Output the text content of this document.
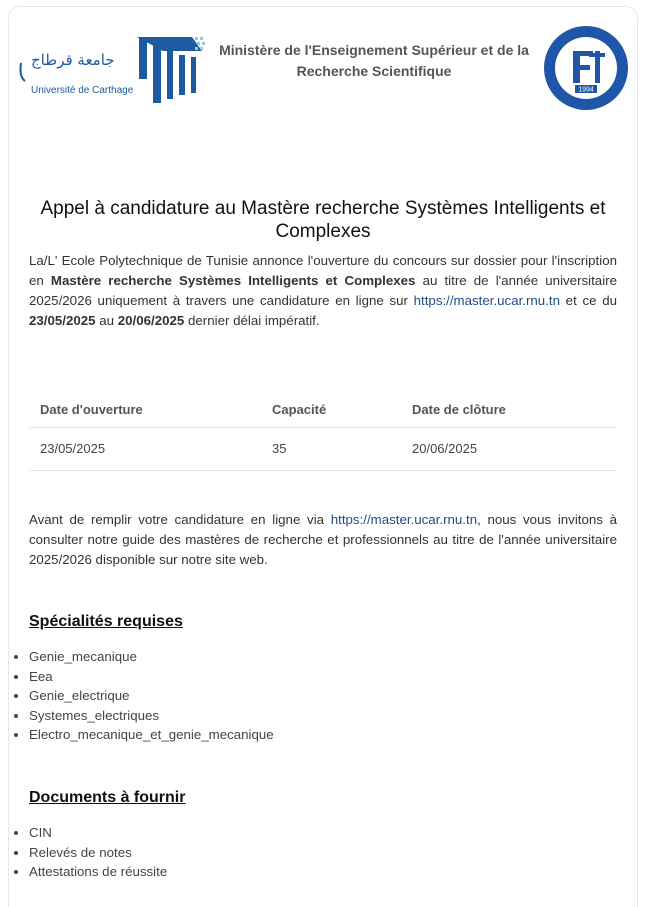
جامعة قرطاج
Université de Carthage
Ministère de l'Enseignement Supérieur et de la
Recherche Scientifique
1994
Appel à candidature au Mastère recherche Systèmes Intelligents et Complexes
La/L' Ecole Polytechnique de Tunisie annonce l'ouverture du concours sur dossier pour l'inscription en Mastère recherche Systèmes Intelligents et Complexes au titre de l'année universitaire 2025/2026 uniquement à travers une candidature en ligne sur https://master.ucar.rnu.tn et ce du 23/05/2025 au 20/06/2025 dernier délai impératif.
Date d'ouverture	Capacité	Date de clôture
23/05/2025	35	20/06/2025
Avant de remplir votre candidature en ligne via https://master.ucar.rnu.tn, nous vous invitons à consulter notre guide des mastères de recherche et professionnels au titre de l'année universitaire 2025/2026 disponible sur notre site web.
Spécialités requises
• Genie_mecanique
• Eea
• Genie_electrique
• Systemes_electriques
• Electro_mecanique_et_genie_mecanique
Documents à fournir
• CIN
• Relevés de notes
• Attestations de réussite
